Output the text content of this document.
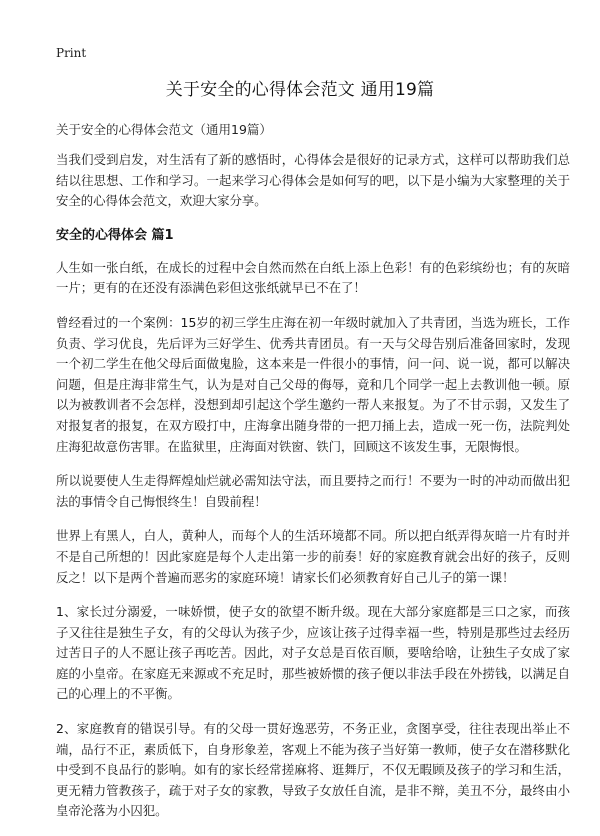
Print
关于安全的心得体会范文 通用19篇
关于安全的心得体会范文（通用19篇）

当我们受到启发，对生活有了新的感悟时，心得体会是很好的记录方式，这样可以帮助我们总结以往思想、工作和学习。一起来学习心得体会是如何写的吧，以下是小编为大家整理的关于安全的心得体会范文，欢迎大家分享。

安全的心得体会 篇1

人生如一张白纸，在成长的过程中会自然而然在白纸上添上色彩！有的色彩缤纷也；有的灰暗一片；更有的在还没有添满色彩但这张纸就早已不在了！

曾经看过的一个案例：15岁的初三学生庄海在初一年级时就加入了共青团，当选为班长，工作负责、学习优良，先后评为三好学生、优秀共青团员。有一天与父母告别后准备回家时，发现一个初二学生在他父母后面做鬼脸，这本来是一件很小的事情，问一问、说一说，都可以解决问题，但是庄海非常生气，认为是对自己父母的侮辱，竟和几个同学一起上去教训他一顿。原以为被教训者不会怎样，没想到却引起这个学生邀约一帮人来报复。为了不甘示弱，又发生了对报复者的报复，在双方殴打中，庄海拿出随身带的一把刀捅上去，造成一死一伤，法院判处庄海犯故意伤害罪。在监狱里，庄海面对铁窗、铁门，回顾这不该发生事，无限悔恨。

所以说要使人生走得辉煌灿烂就必需知法守法，而且要持之而行！不要为一时的冲动而做出犯法的事情令自己悔恨终生！自毁前程！

世界上有黑人，白人，黄种人，而每个人的生活环境都不同。所以把白纸弄得灰暗一片有时并不是自己所想的！因此家庭是每个人走出第一步的前奏！好的家庭教育就会出好的孩子，反则反之！以下是两个普遍而恶劣的家庭环境！请家长们必须教育好自己儿子的第一课！

1、家长过分溺爱，一味娇惯，使子女的欲望不断升级。现在大部分家庭都是三口之家，而孩子又往往是独生子女，有的父母认为孩子少，应该让孩子过得幸福一些，特别是那些过去经历过苦日子的人不愿让孩子再吃苦。因此，对子女总是百依百顺，要啥给啥，让独生子女成了家庭的小皇帝。在家庭无来源或不充足时，那些被娇惯的孩子便以非法手段在外捞钱，以满足自己的心理上的不平衡。

2、家庭教育的错误引导。有的父母一贯好逸恶劳，不务正业，贪图享受，往往表现出举止不端，品行不正，素质低下，自身形象差，客观上不能为孩子当好第一教师，使子女在潜移默化中受到不良品行的影响。如有的家长经常搓麻将、逛舞厅，不仅无暇顾及孩子的学习和生活，更无精力管教孩子，疏于对子女的家教，导致子女放任自流，是非不辩，美丑不分，最终由小皇帝沦落为小囚犯。
